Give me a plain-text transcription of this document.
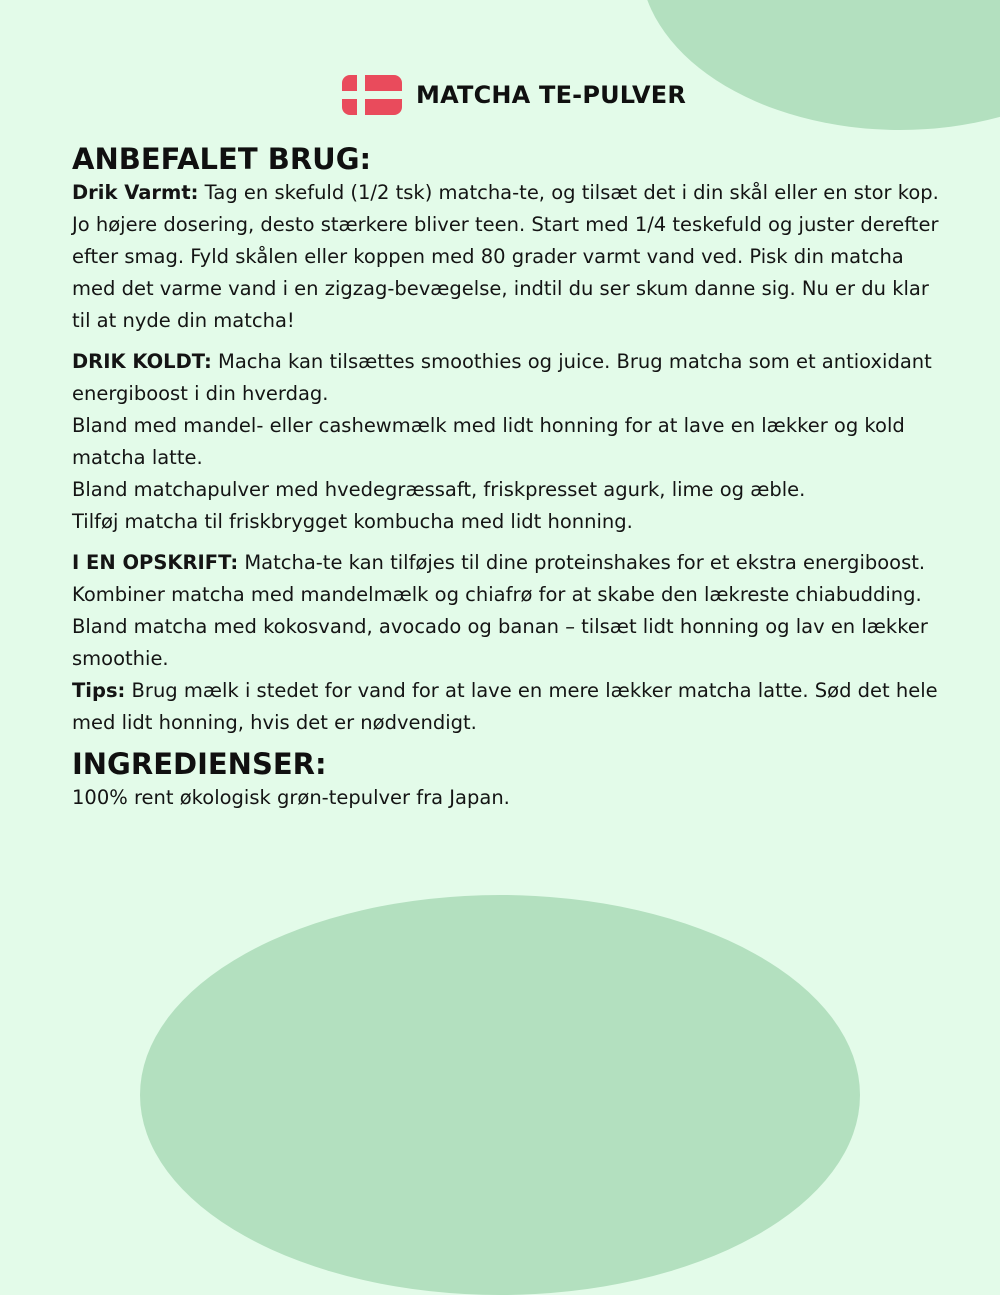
MATCHA TE-PULVER
ANBEFALET BRUG:

Drik Varmt: Tag en skefuld (1/2 tsk) matcha-te, og tilsæt det i din skål eller en stor kop. Jo højere dosering, desto stærkere bliver teen. Start med 1/4 teskefuld og juster derefter efter smag. Fyld skålen eller koppen med 80 grader varmt vand ved. Pisk din matcha med det varme vand i en zigzag-bevægelse, indtil du ser skum danne sig. Nu er du klar til at nyde din matcha!

DRIK KOLDT: Macha kan tilsættes smoothies og juice. Brug matcha som et antioxidant energiboost i din hverdag.

Bland med mandel- eller cashewmælk med lidt honning for at lave en lækker og kold matcha latte.

Bland matchapulver med hvedegræssaft, friskpresset agurk, lime og æble.

Tilføj matcha til friskbrygget kombucha med lidt honning.

I EN OPSKRIFT: Matcha-te kan tilføjes til dine proteinshakes for et ekstra energiboost.

Kombiner matcha med mandelmælk og chiafrø for at skabe den lækreste chiabudding.

Bland matcha med kokosvand, avocado og banan – tilsæt lidt honning og lav en lækker smoothie.

Tips: Brug mælk i stedet for vand for at lave en mere lækker matcha latte. Sød det hele med lidt honning, hvis det er nødvendigt.

INGREDIENSER:

100% rent økologisk grøn-tepulver fra Japan.
